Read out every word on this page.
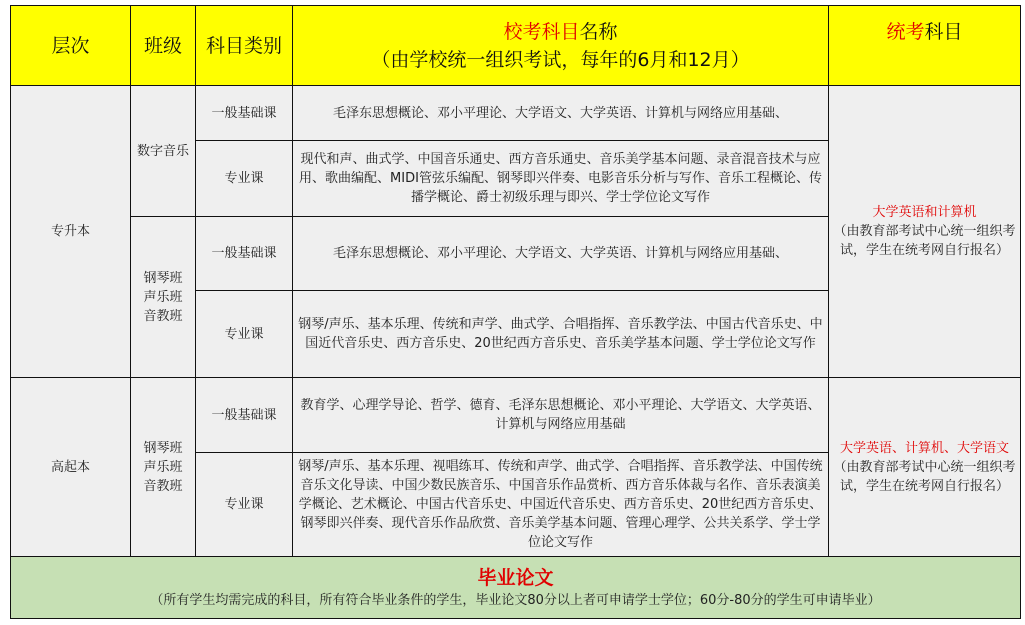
层次	班级	科目类别	校考科目名称
（由学校统一组织考试，每年的6月和12月）	统考科目
专升本	数字音乐	一般基础课	毛泽东思想概论、邓小平理论、大学语文、大学英语、计算机与网络应用基础、	大学英语和计算机
（由教育部考试中心统一组织考试，学生在统考网自行报名）
		专业课	现代和声、曲式学、中国音乐通史、西方音乐通史、音乐美学基本问题、录音混音技术与应用、歌曲编配、MIDI管弦乐编配、钢琴即兴伴奏、电影音乐分析与写作、音乐工程概论、传播学概论、爵士初级乐理与即兴、学士学位论文写作	

	钢琴班
声乐班
音教班	一般基础课	毛泽东思想概论、邓小平理论、大学语文、大学英语、计算机与网络应用基础、	
		专业课	钢琴/声乐、基本乐理、传统和声学、曲式学、合唱指挥、音乐教学法、中国古代音乐史、中国近代音乐史、西方音乐史、20世纪西方音乐史、音乐美学基本问题、学士学位论文写作	
高起本	钢琴班
声乐班
音教班	一般基础课	教育学、心理学导论、哲学、德育、毛泽东思想概论、邓小平理论、大学语文、大学英语、计算机与网络应用基础	大学英语、计算机、大学语文
（由教育部考试中心统一组织考试，学生在统考网自行报名）
		专业课	钢琴/声乐、基本乐理、视唱练耳、传统和声学、曲式学、合唱指挥、音乐教学法、中国传统音乐文化导读、中国少数民族音乐、中国音乐作品赏析、西方音乐体裁与名作、音乐表演美学概论、艺术概论、中国古代音乐史、中国近代音乐史、西方音乐史、20世纪西方音乐史、钢琴即兴伴奏、现代音乐作品欣赏、音乐美学基本问题、管理心理学、公共关系学、学士学位论文写作	

毕业论文
（所有学生均需完成的科目，所有符合毕业条件的学生，毕业论文80分以上者可申请学士学位；60分-80分的学生可申请毕业）				
